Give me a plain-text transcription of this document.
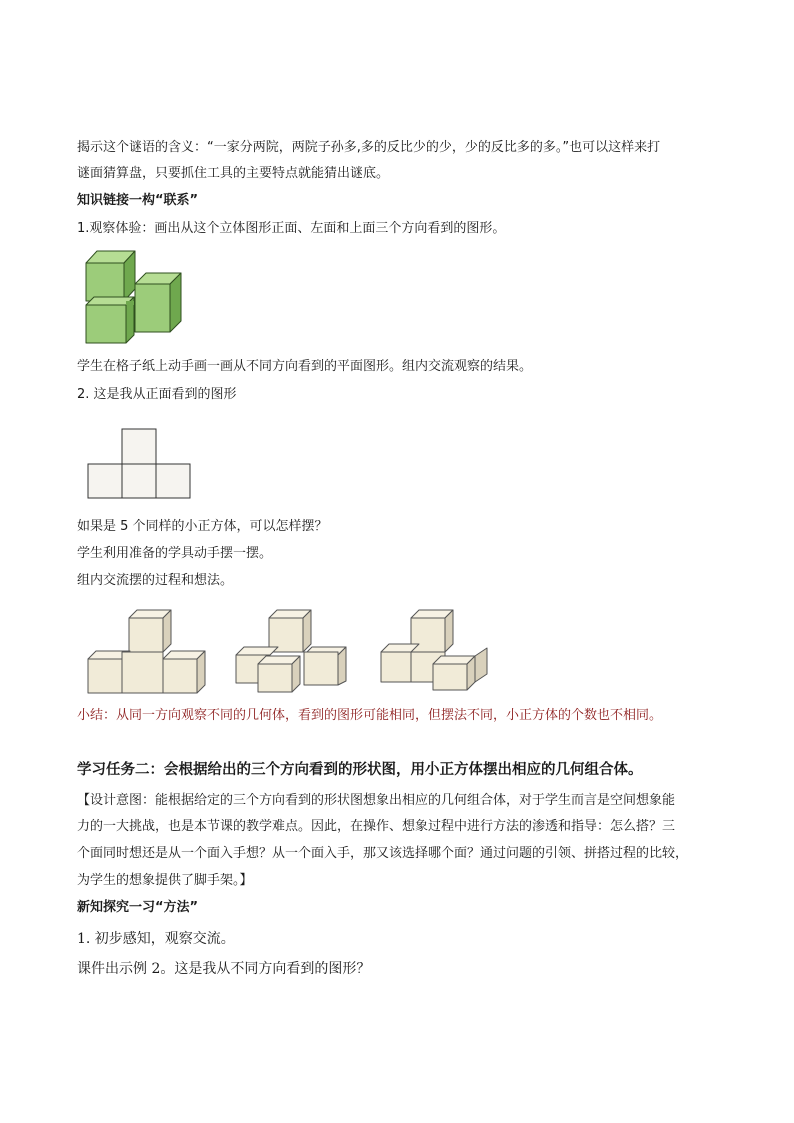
揭示这个谜语的含义：“一家分两院，两院子孙多,多的反比少的少，少的反比多的多。”也可以这样来打
谜面猜算盘，只要抓住工具的主要特点就能猜出谜底。
知识链接一构“联系”
1.观察体验：画出从这个立体图形正面、左面和上面三个方向看到的图形。
学生在格子纸上动手画一画从不同方向看到的平面图形。组内交流观察的结果。
2. 这是我从正面看到的图形
如果是 5 个同样的小正方体，可以怎样摆？
学生利用准备的学具动手摆一摆。
组内交流摆的过程和想法。
小结：从同一方向观察不同的几何体，看到的图形可能相同，但摆法不同，小正方体的个数也不相同。
学习任务二：会根据给出的三个方向看到的形状图，用小正方体摆出相应的几何组合体。
【设计意图：能根据给定的三个方向看到的形状图想象出相应的几何组合体，对于学生而言是空间想象能
力的一大挑战，也是本节课的教学难点。因此，在操作、想象过程中进行方法的渗透和指导：怎么搭？三
个面同时想还是从一个面入手想？从一个面入手，那又该选择哪个面？通过问题的引领、拼搭过程的比较，
为学生的想象提供了脚手架。】
新知探究一习“方法”
1. 初步感知，观察交流。
课件出示例 2。这是我从不同方向看到的图形？
